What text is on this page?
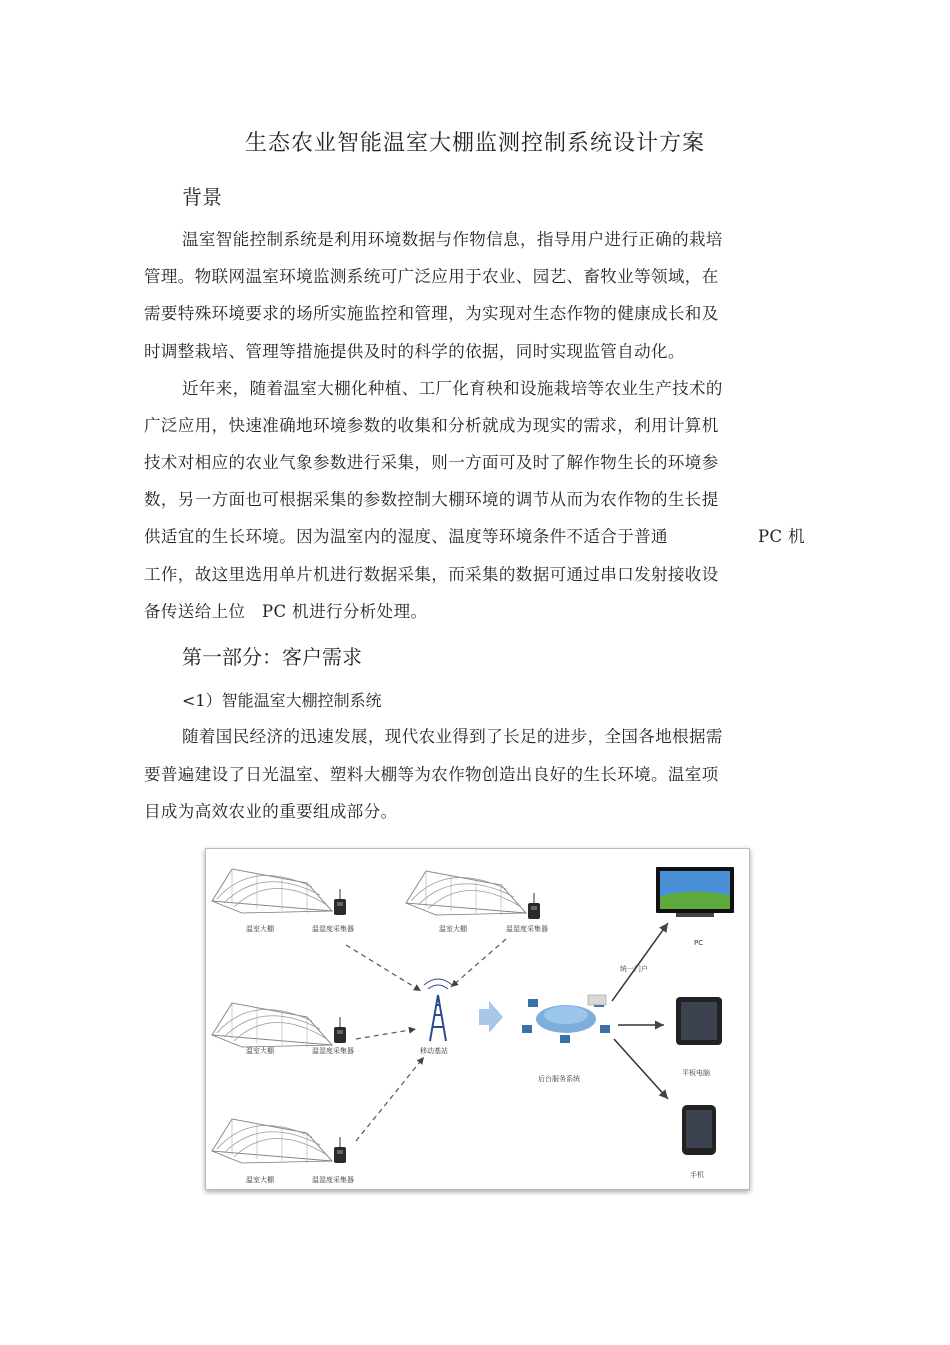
生态农业智能温室大棚监测控制系统设计方案
背景
温室智能控制系统是利用环境数据与作物信息，指导用户进行正确的栽培
管理。物联网温室环境监测系统可广泛应用于农业、园艺、畜牧业等领域，在
需要特殊环境要求的场所实施监控和管理，为实现对生态作物的健康成长和及
时调整栽培、管理等措施提供及时的科学的依据，同时实现监管自动化。
近年来，随着温室大棚化种植、工厂化育秧和设施栽培等农业生产技术的
广泛应用，快速准确地环境参数的收集和分析就成为现实的需求，利用计算机
技术对相应的农业气象参数进行采集，则一方面可及时了解作物生长的环境参
数，另一方面也可根据采集的参数控制大棚环境的调节从而为农作物的生长提
供适宜的生长环境。因为温室内的湿度、温度等环境条件不适合于普通	PC 机
工作，故这里选用单片机进行数据采集，而采集的数据可通过串口发射接收设
备传送给上位 PC 机进行分析处理。
第一部分：客户需求
<1）智能温室大棚控制系统
随着国民经济的迅速发展，现代农业得到了长足的进步，全国各地根据需
要普遍建设了日光温室、塑料大棚等为农作物创造出良好的生长环境。温室项
目成为高效农业的重要组成部分。
温室大棚	温湿度采集器	温室大棚	温湿度采集器
温室大棚	温湿度采集器
温室大棚	温湿度采集器
移动基站
后台服务系统
统一门户
PC
平板电脑
手机
